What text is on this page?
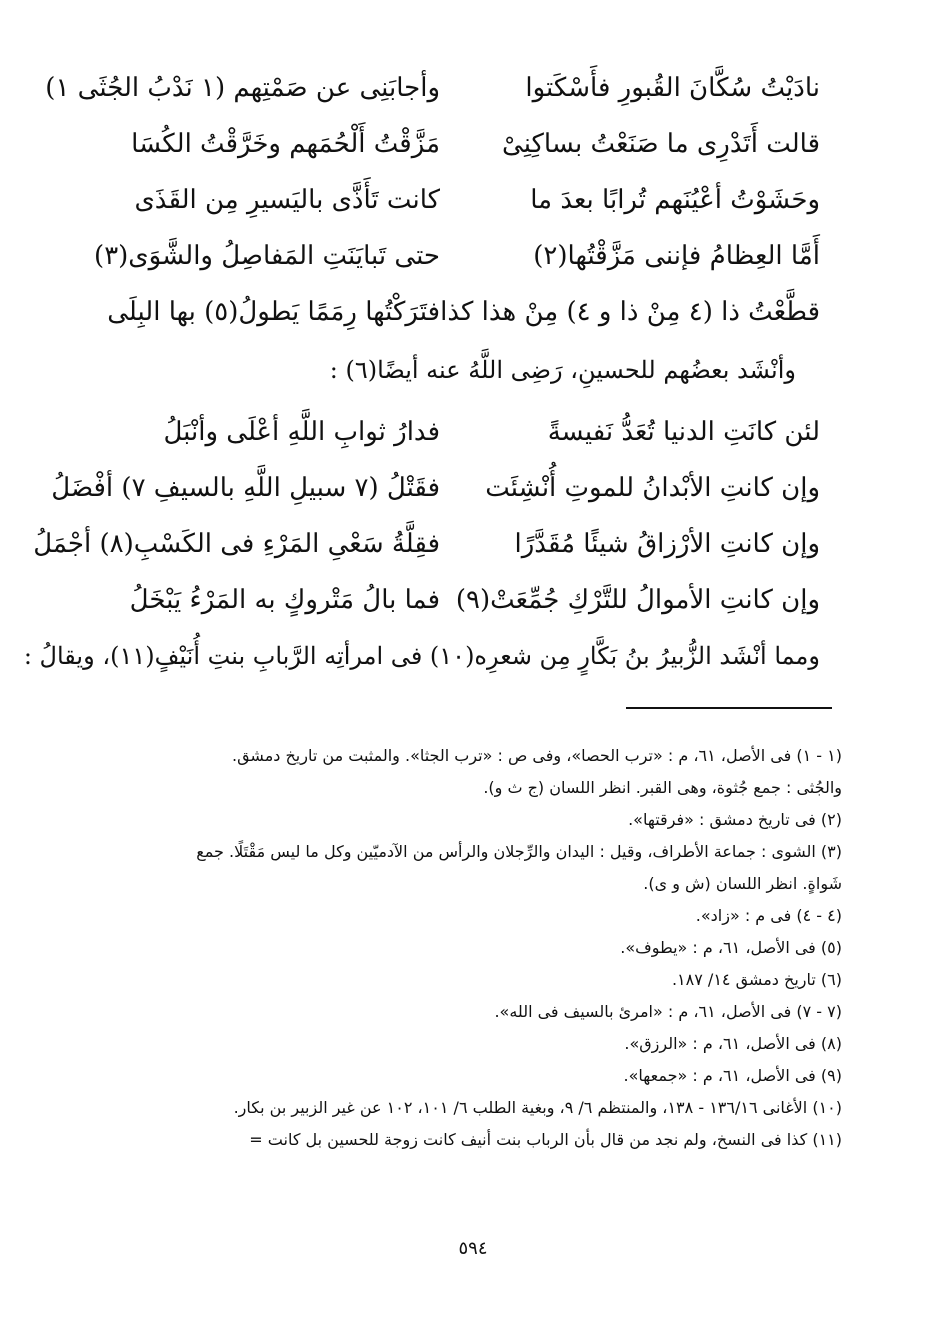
نادَيْتُ سُكَّانَ القُبورِ فأَسْكَتوا
وأجابَنِى عن صَمْتِهم (١ نَدْبُ الجُثَى ١)
قالت أَتَدْرِى ما صَنَعْتُ بساكِنِىْ
مَزَّقْتُ أَلْحُمَهم وخَرَّقْتُ الكُسَا
وحَشَوْتُ أعْيُنَهم تُرابًا بعدَ ما
كانت تَأَذَّى باليَسيرِ مِن القَذَى
أَمَّا العِظامُ فإننى مَزَّقْتُها(٢)
حتى تَبايَنَتِ المَفاصِلُ والشَّوَى(٣)
قطَّعْتُ ذا (٤ مِنْ ذا و ٤) مِنْ هذا كذا
فتَرَكْتُها رِمَمًا يَطولُ(٥) بها البِلَى
وأنْشَد بعضُهم للحسينِ، رَضِى اللَّهُ عنه أيضًا(٦) :
لئن كانَتِ الدنيا تُعَدُّ نَفيسةً
فدارُ ثوابِ اللَّهِ أعْلَى وأنْبَلُ
وإن كانتِ الأبْدانُ للموتِ أُنْشِئَت
فقَتْلُ (٧ سبيلِ اللَّهِ بالسيفِ ٧) أفْضَلُ
وإن كانتِ الأرْزاقُ شيئًا مُقَدَّرًا
فقِلَّةُ سَعْىِ المَرْءِ فى الكَسْبِ(٨) أجْمَلُ
وإن كانتِ الأموالُ للتَّرْكِ جُمِّعَتْ(٩)
فما بالُ مَتْروكٍ به المَرْءُ يَبْخَلُ
ومما أنْشَد الزُّبيرُ بنُ بَكَّارٍ مِن شعرِه(١٠) فى امرأتِه الرَّبابِ بنتِ أُنَيْفٍ(١١)، ويقالُ :
(١ - ١) فى الأصل، ٦١، م : «ترب الحصا»، وفى ص : «ترب الجثا». والمثبت من تاريخ دمشق.
والجُثى : جمع جُثوة، وهى القبر. انظر اللسان (ج ث و).
(٢) فى تاريخ دمشق : «فرقتها».
(٣) الشوى : جماعة الأطراف، وقيل : اليدان والرِّجلان والرأس من الآدميّين وكل ما ليس مَقْتَلًا. جمع
شَواةٍ. انظر اللسان (ش و ى).
(٤ - ٤) فى م : «زاد».
(٥) فى الأصل، ٦١، م : «يطوف».
(٦) تاريخ دمشق ١٤/ ١٨٧.
(٧ - ٧) فى الأصل، ٦١، م : «امرئ بالسيف فى الله».
(٨) فى الأصل، ٦١، م : «الرزق».
(٩) فى الأصل، ٦١، م : «جمعها».
(١٠) الأغانى ١٣٦/١٦ - ١٣٨، والمنتظم ٦/ ٩، وبغية الطلب ٦/ ١٠١، ١٠٢ عن غير الزبير بن بكار.
(١١) كذا فى النسخ، ولم نجد من قال بأن الرباب بنت أنيف كانت زوجة للحسين بل كانت =
٥٩٤
